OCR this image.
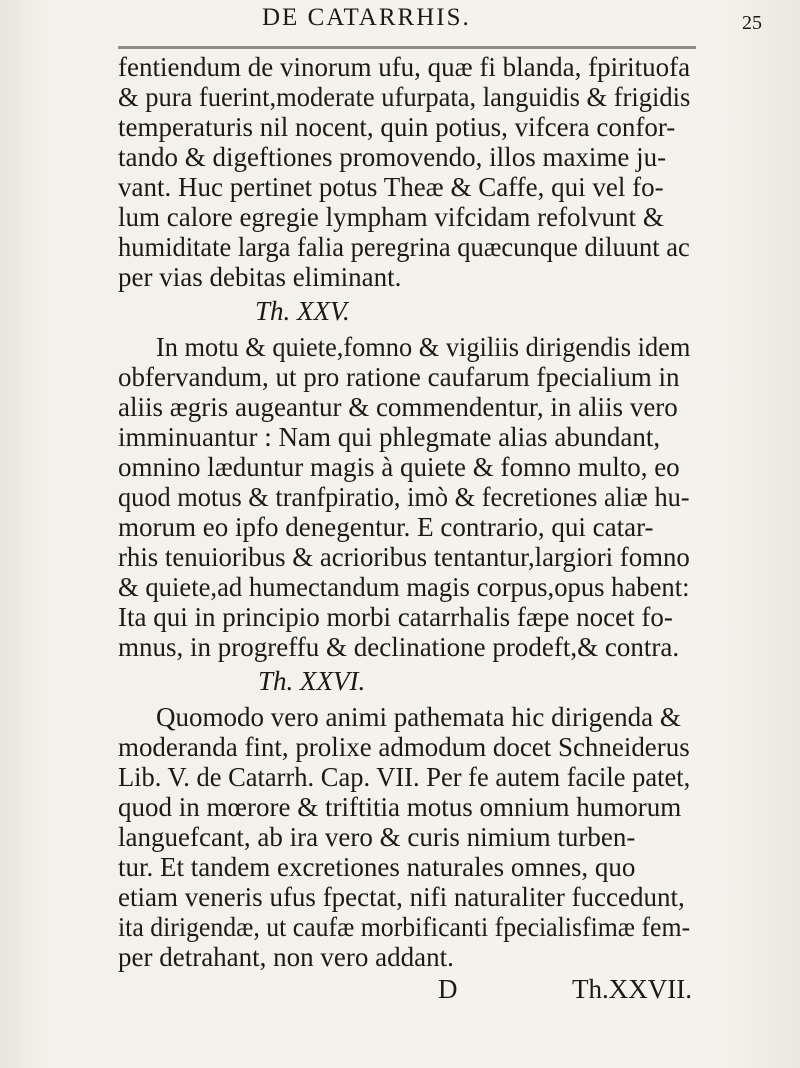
DE CATARRHIS.	25
fentiendum de vinorum ufu, quæ fi blanda, fpirituofa
& pura fuerint,moderate ufurpata, languidis & frigidis
temperaturis nil nocent, quin potius, vifcera confor-
tando & digeftiones promovendo, illos maxime ju-
vant. Huc pertinet potus Theæ & Caffe, qui vel fo-
lum calore egregie lympham vifcidam refolvunt &
humiditate larga falia peregrina quæcunque diluunt ac
per vias debitas eliminant.
Th. XXV.
In motu & quiete,fomno & vigiliis dirigendis idem
obfervandum, ut pro ratione caufarum fpecialium in
aliis ægris augeantur & commendentur, in aliis vero
imminuantur : Nam qui phlegmate alias abundant,
omnino læduntur magis à quiete & fomno multo, eo
quod motus & tranfpiratio, imò & fecretiones aliæ hu-
morum eo ipfo denegentur. E contrario, qui catar-
rhis tenuioribus & acrioribus tentantur,largiori fomno
& quiete,ad humectandum magis corpus,opus habent:
Ita qui in principio morbi catarrhalis fæpe nocet fo-
mnus, in progreffu & declinatione prodeft,& contra.
Th. XXVI.
Quomodo vero animi pathemata hic dirigenda &
moderanda fint, prolixe admodum docet Schneiderus
Lib. V. de Catarrh. Cap. VII. Per fe autem facile patet,
quod in mœrore & triftitia motus omnium humorum
languefcant, ab ira vero & curis nimium turben-
tur. Et tandem excretiones naturales omnes, quo
etiam veneris ufus fpectat, nifi naturaliter fuccedunt,
ita dirigendæ, ut caufæ morbificanti fpecialisfimæ fem-
per detrahant, non vero addant.
D	Th.XXVII.
